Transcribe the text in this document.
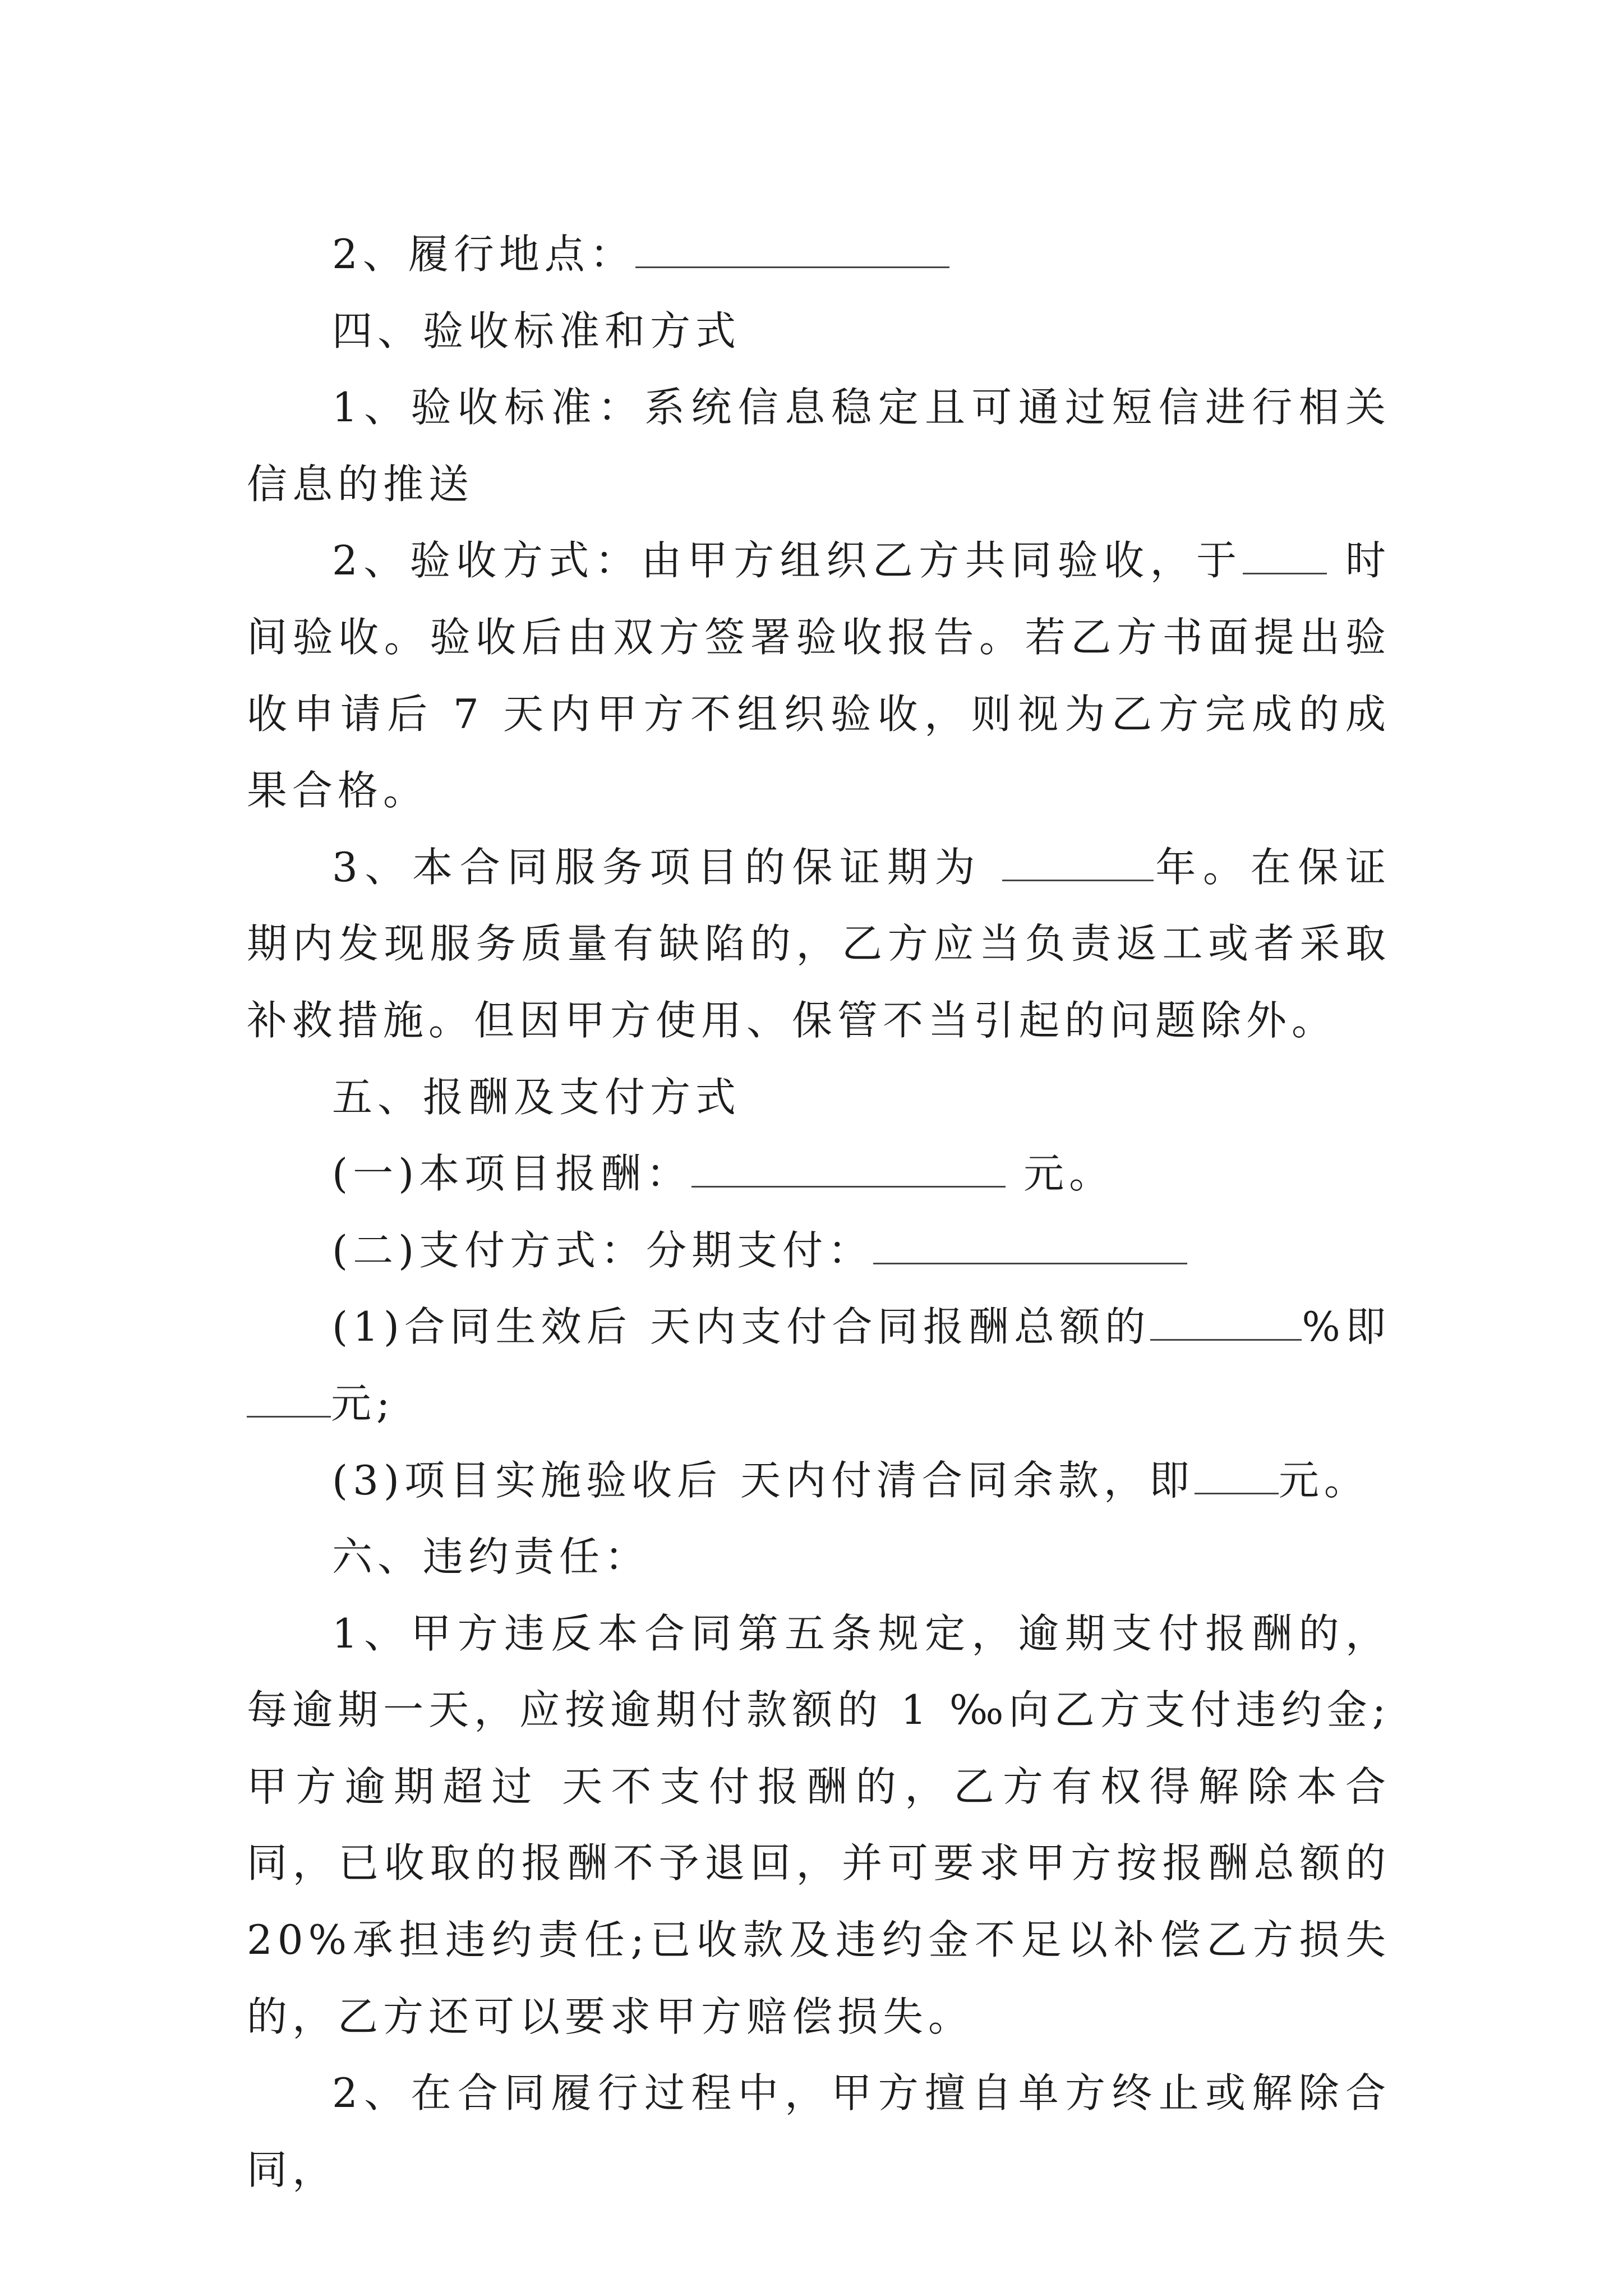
2、履行地点：

四、验收标准和方式

1、验收标准：系统信息稳定且可通过短信进行相关信息的推送

2、验收方式：由甲方组织乙方共同验收，于 时间验收。验收后由双方签署验收报告。若乙方书面提出验收申请后 7 天内甲方不组织验收，则视为乙方完成的成果合格。

3、本合同服务项目的保证期为	年。在保证期内发现服务质量有缺陷的，乙方应当负责返工或者采取补救措施。但因甲方使用、保管不当引起的问题除外。

五、报酬及支付方式

(一)本项目报酬：	元。

(二)支付方式：分期支付：

(1)合同生效后 天内支付合同报酬总额的	%即元;

(3)项目实施验收后 天内付清合同余款，即 元。

六、违约责任：

1、甲方违反本合同第五条规定，逾期支付报酬的，每逾期一天，应按逾期付款额的 1 ‰向乙方支付违约金;甲方逾期超过 天不支付报酬的，乙方有权得解除本合同，已收取的报酬不予退回，并可要求甲方按报酬总额的 20%承担违约责任;已收款及违约金不足以补偿乙方损失的，乙方还可以要求甲方赔偿损失。

2、在合同履行过程中，甲方擅自单方终止或解除合同，
